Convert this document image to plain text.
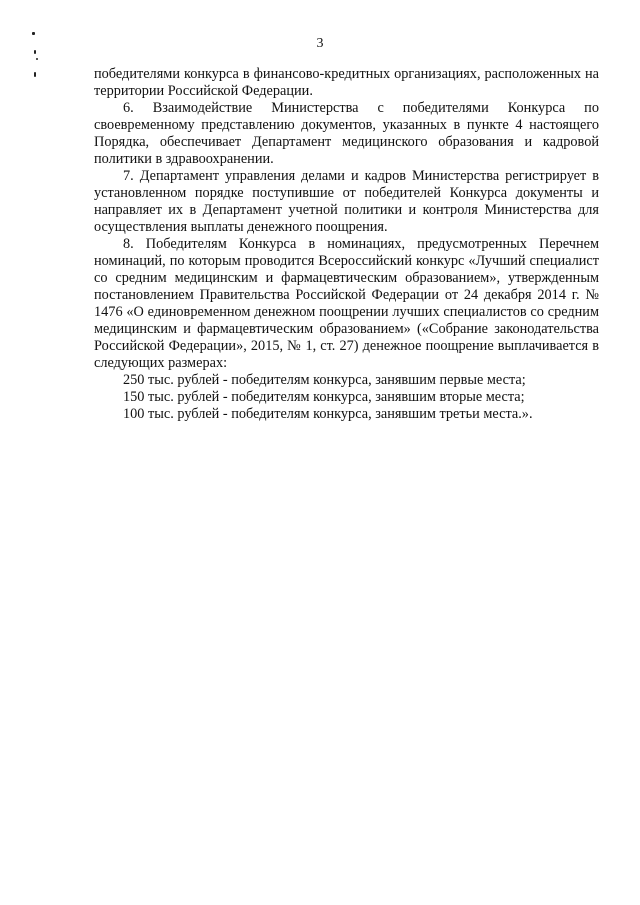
3

победителями конкурса в финансово-кредитных организациях, расположенных на территории Российской Федерации.

6. Взаимодействие Министерства с победителями Конкурса по своевременному представлению документов, указанных в пункте 4 настоящего Порядка, обеспечивает Департамент медицинского образования и кадровой политики в здравоохранении.

7. Департамент управления делами и кадров Министерства регистрирует в установленном порядке поступившие от победителей Конкурса документы и направляет их в Департамент учетной политики и контроля Министерства для осуществления выплаты денежного поощрения.

8. Победителям Конкурса в номинациях, предусмотренных Перечнем номинаций, по которым проводится Всероссийский конкурс «Лучший специалист со средним медицинским и фармацевтическим образованием», утвержденным постановлением Правительства Российской Федерации от 24 декабря 2014 г. № 1476 «О единовременном денежном поощрении лучших специалистов со средним медицинским и фармацевтическим образованием» («Собрание законодательства Российской Федерации», 2015, № 1, ст. 27) денежное поощрение выплачивается в следующих размерах:

250 тыс. рублей - победителям конкурса, занявшим первые места;

150 тыс. рублей - победителям конкурса, занявшим вторые места;

100 тыс. рублей - победителям конкурса, занявшим третьи места.».
